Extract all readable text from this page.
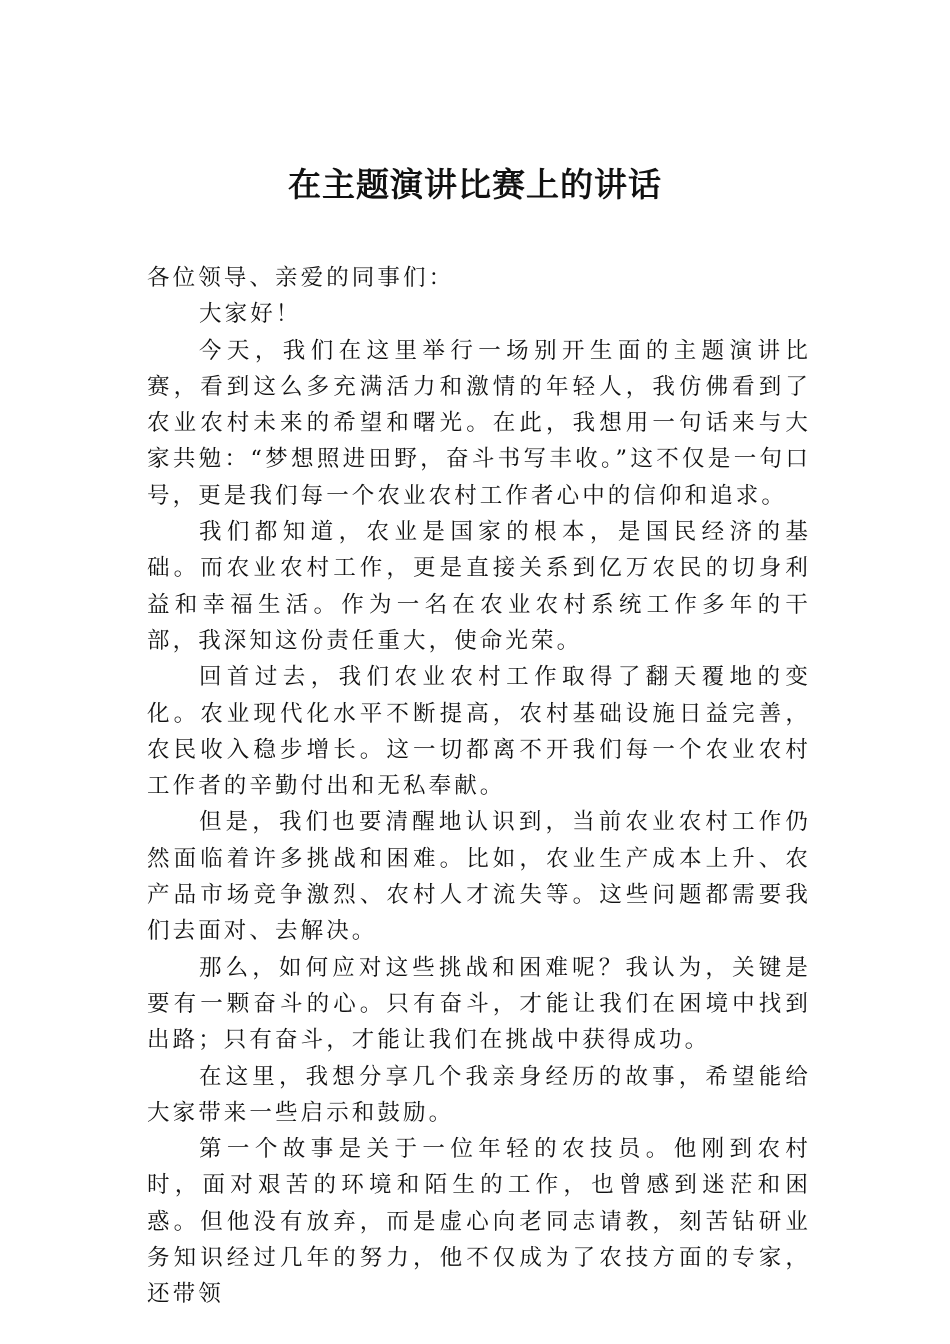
在主题演讲比赛上的讲话

各位领导、亲爱的同事们：

大家好！

今天，我们在这里举行一场别开生面的主题演讲比赛，看到这么多充满活力和激情的年轻人，我仿佛看到了农业农村未来的希望和曙光。在此，我想用一句话来与大家共勉：“梦想照进田野，奋斗书写丰收。”这不仅是一句口号，更是我们每一个农业农村工作者心中的信仰和追求。

我们都知道，农业是国家的根本，是国民经济的基础。而农业农村工作，更是直接关系到亿万农民的切身利益和幸福生活。作为一名在农业农村系统工作多年的干部，我深知这份责任重大，使命光荣。

回首过去，我们农业农村工作取得了翻天覆地的变化。农业现代化水平不断提高，农村基础设施日益完善，农民收入稳步增长。这一切都离不开我们每一个农业农村工作者的辛勤付出和无私奉献。

但是，我们也要清醒地认识到，当前农业农村工作仍然面临着许多挑战和困难。比如，农业生产成本上升、农产品市场竞争激烈、农村人才流失等。这些问题都需要我们去面对、去解决。

那么，如何应对这些挑战和困难呢？我认为，关键是要有一颗奋斗的心。只有奋斗，才能让我们在困境中找到出路；只有奋斗，才能让我们在挑战中获得成功。

在这里，我想分享几个我亲身经历的故事，希望能给大家带来一些启示和鼓励。

第一个故事是关于一位年轻的农技员。他刚到农村时，面对艰苦的环境和陌生的工作，也曾感到迷茫和困惑。但他没有放弃，而是虚心向老同志请教，刻苦钻研业务知识经过几年的努力，他不仅成为了农技方面的专家，还带领
